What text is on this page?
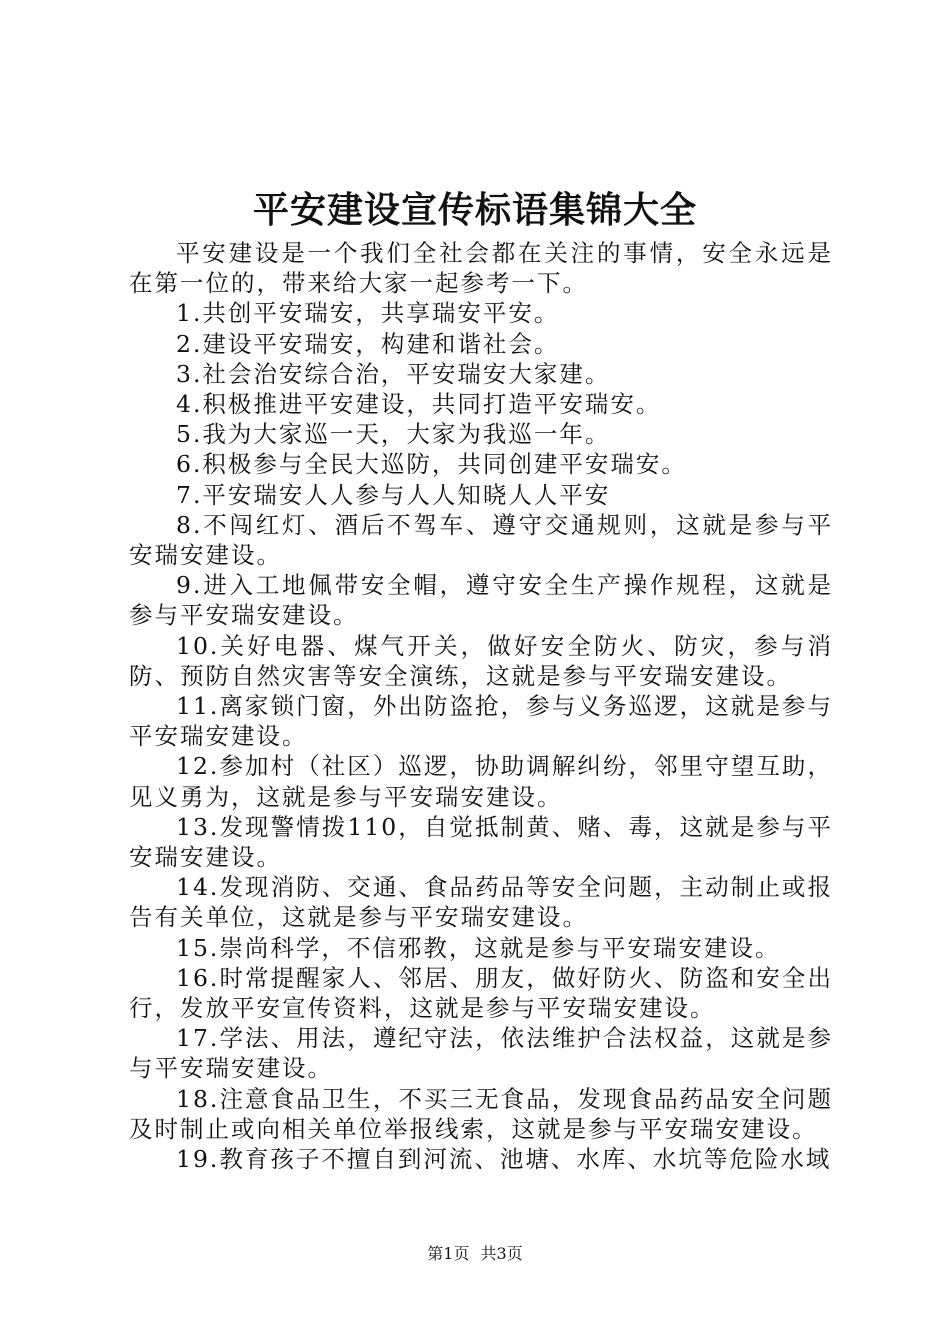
平安建设宣传标语集锦大全

平安建设是一个我们全社会都在关注的事情，安全永远是在第一位的，带来给大家一起参考一下。

1.共创平安瑞安，共享瑞安平安。

2.建设平安瑞安，构建和谐社会。

3.社会治安综合治，平安瑞安大家建。

4.积极推进平安建设，共同打造平安瑞安。

5.我为大家巡一天，大家为我巡一年。

6.积极参与全民大巡防，共同创建平安瑞安。

7.平安瑞安人人参与人人知晓人人平安

8.不闯红灯、酒后不驾车、遵守交通规则，这就是参与平安瑞安建设。

9.进入工地佩带安全帽，遵守安全生产操作规程，这就是参与平安瑞安建设。

10.关好电器、煤气开关，做好安全防火、防灾，参与消防、预防自然灾害等安全演练，这就是参与平安瑞安建设。

11.离家锁门窗，外出防盗抢，参与义务巡逻，这就是参与平安瑞安建设。

12.参加村（社区）巡逻，协助调解纠纷，邻里守望互助，见义勇为，这就是参与平安瑞安建设。

13.发现警情拨110，自觉抵制黄、赌、毒，这就是参与平安瑞安建设。

14.发现消防、交通、食品药品等安全问题，主动制止或报告有关单位，这就是参与平安瑞安建设。

15.崇尚科学，不信邪教，这就是参与平安瑞安建设。

16.时常提醒家人、邻居、朋友，做好防火、防盗和安全出行，发放平安宣传资料，这就是参与平安瑞安建设。

17.学法、用法，遵纪守法，依法维护合法权益，这就是参与平安瑞安建设。

18.注意食品卫生，不买三无食品，发现食品药品安全问题及时制止或向相关单位举报线索，这就是参与平安瑞安建设。

19.教育孩子不擅自到河流、池塘、水库、水坑等危险水域

第1页 共3页
